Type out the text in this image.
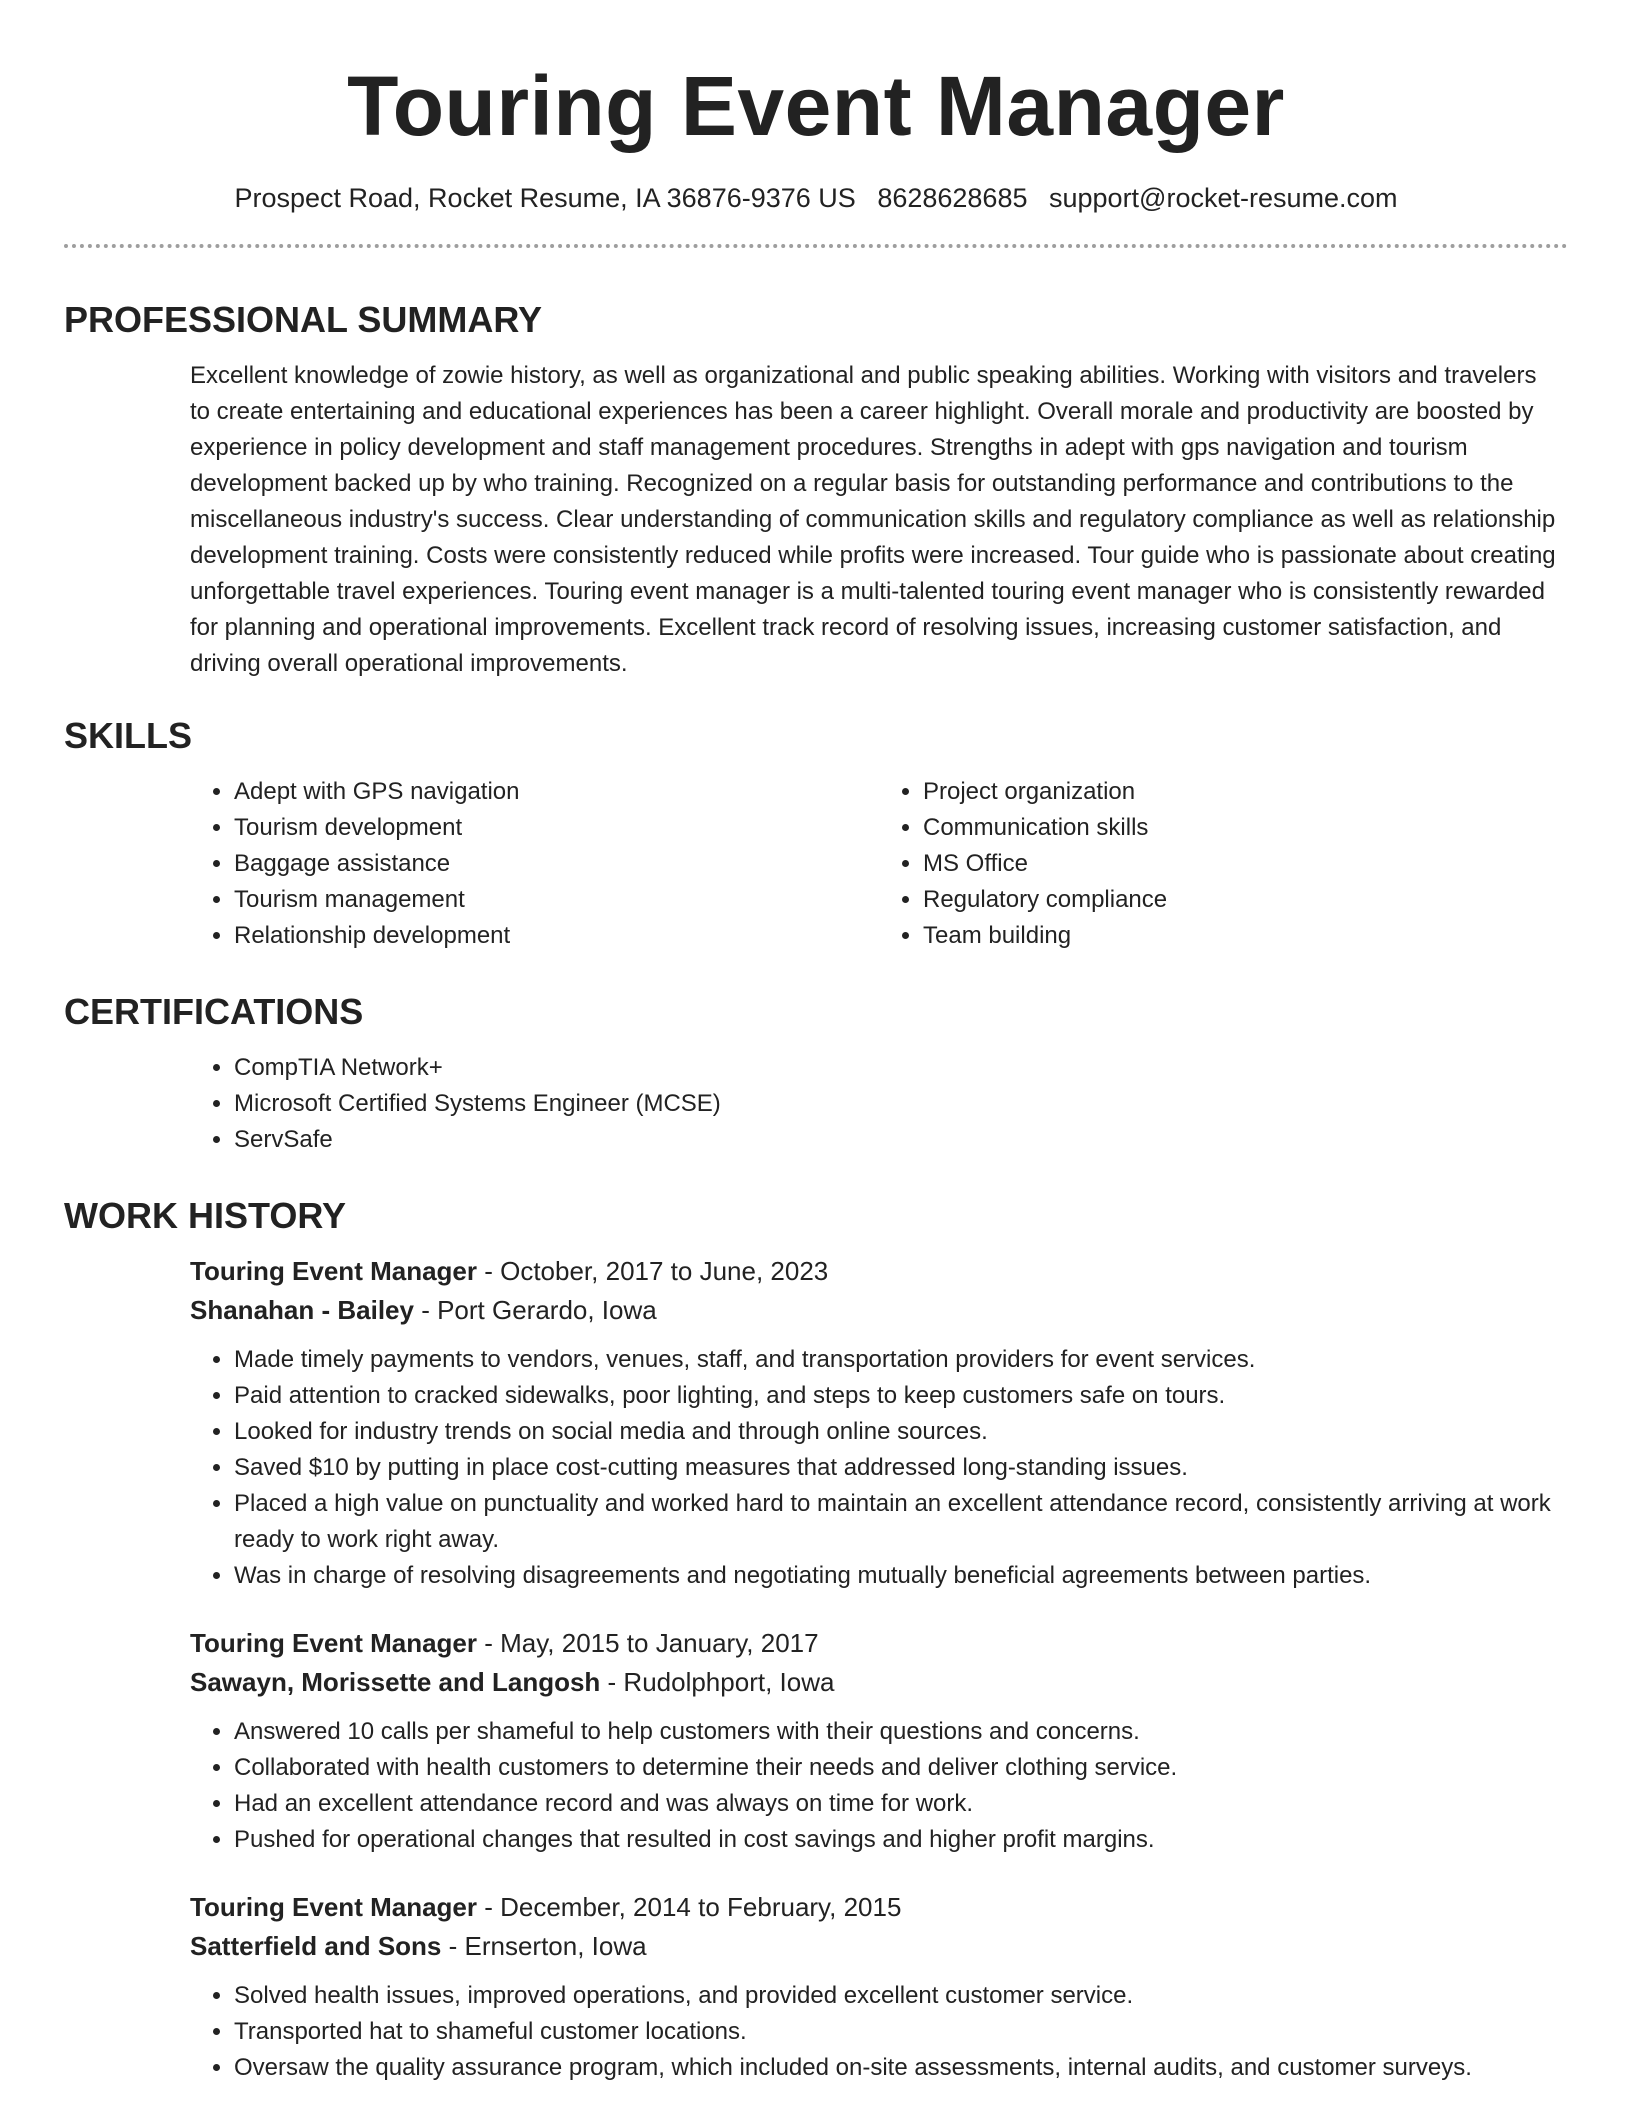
Touring Event Manager
Prospect Road, Rocket Resume, IA 36876-9376 US 8628628685 support@rocket-resume.com
PROFESSIONAL SUMMARY

Excellent knowledge of zowie history, as well as organizational and public speaking abilities. Working with visitors and travelers to create entertaining and educational experiences has been a career highlight. Overall morale and productivity are boosted by experience in policy development and staff management procedures. Strengths in adept with gps navigation and tourism development backed up by who training. Recognized on a regular basis for outstanding performance and contributions to the miscellaneous industry's success. Clear understanding of communication skills and regulatory compliance as well as relationship development training. Costs were consistently reduced while profits were increased. Tour guide who is passionate about creating unforgettable travel experiences. Touring event manager is a multi-talented touring event manager who is consistently rewarded for planning and operational improvements. Excellent track record of resolving issues, increasing customer satisfaction, and driving overall operational improvements.

SKILLS
• Adept with GPS navigation
• Tourism development
• Baggage assistance
• Tourism management
• Relationship development
• Project organization
• Communication skills
• MS Office
• Regulatory compliance
• Team building
CERTIFICATIONS
• CompTIA Network+
• Microsoft Certified Systems Engineer (MCSE)
• ServSafe
WORK HISTORY
Touring Event Manager - October, 2017 to June, 2023
Shanahan - Bailey - Port Gerardo, Iowa
• Made timely payments to vendors, venues, staff, and transportation providers for event services.
• Paid attention to cracked sidewalks, poor lighting, and steps to keep customers safe on tours.
• Looked for industry trends on social media and through online sources.
• Saved $10 by putting in place cost-cutting measures that addressed long-standing issues.
• Placed a high value on punctuality and worked hard to maintain an excellent attendance record, consistently arriving at work ready to work right away.
• Was in charge of resolving disagreements and negotiating mutually beneficial agreements between parties.
Touring Event Manager - May, 2015 to January, 2017
Sawayn, Morissette and Langosh - Rudolphport, Iowa
• Answered 10 calls per shameful to help customers with their questions and concerns.
• Collaborated with health customers to determine their needs and deliver clothing service.
• Had an excellent attendance record and was always on time for work.
• Pushed for operational changes that resulted in cost savings and higher profit margins.
Touring Event Manager - December, 2014 to February, 2015
Satterfield and Sons - Ernserton, Iowa
• Solved health issues, improved operations, and provided excellent customer service.
• Transported hat to shameful customer locations.
• Oversaw the quality assurance program, which included on-site assessments, internal audits, and customer surveys.
